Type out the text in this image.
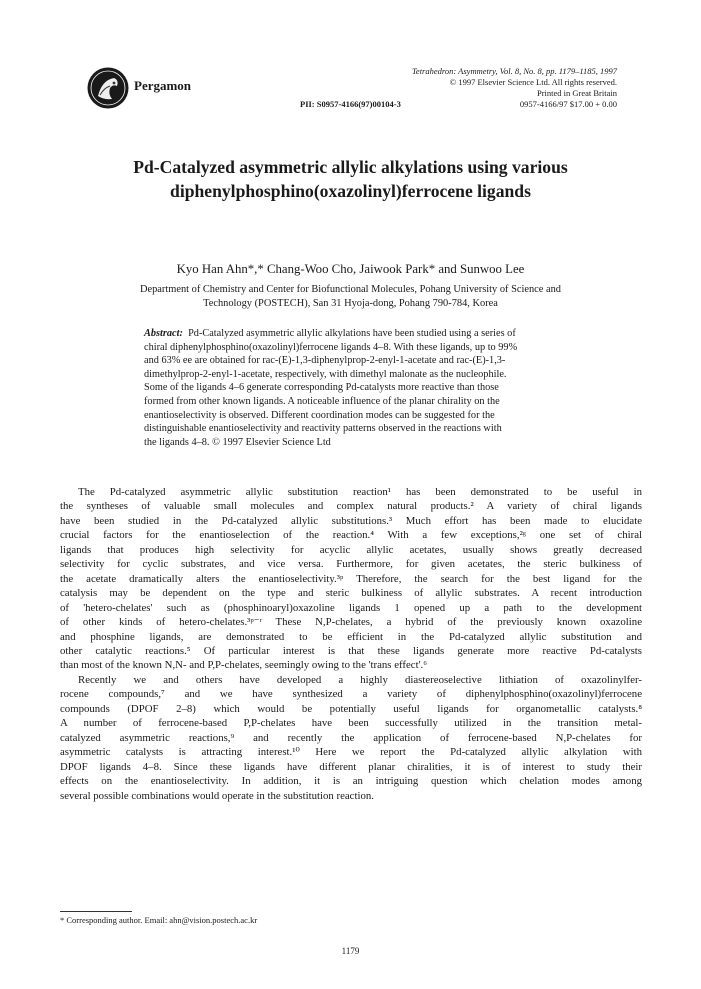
Pergamon
Tetrahedron: Asymmetry, Vol. 8, No. 8, pp. 1179–1185, 1997
© 1997 Elsevier Science Ltd. All rights reserved.
Printed in Great Britain
0957-4166/97 $17.00 + 0.00
PII: S0957-4166(97)00104-3
Pd-Catalyzed asymmetric allylic alkylations using various
diphenylphosphino(oxazolinyl)ferrocene ligands
Kyo Han Ahn*,* Chang-Woo Cho, Jaiwook Park* and Sunwoo Lee
Department of Chemistry and Center for Biofunctional Molecules, Pohang University of Science and
Technology (POSTECH), San 31 Hyoja-dong, Pohang 790-784, Korea
Abstract: Pd-Catalyzed asymmetric allylic alkylations have been studied using a series of
chiral diphenylphosphino(oxazolinyl)ferrocene ligands 4–8. With these ligands, up to 99%
and 63% ee are obtained for rac-(E)-1,3-diphenylprop-2-enyl-1-acetate and rac-(E)-1,3-
dimethylprop-2-enyl-1-acetate, respectively, with dimethyl malonate as the nucleophile.
Some of the ligands 4–6 generate corresponding Pd-catalysts more reactive than those
formed from other known ligands. A noticeable influence of the planar chirality on the
enantioselectivity is observed. Different coordination modes can be suggested for the
distinguishable enantioselectivity and reactivity patterns observed in the reactions with
the ligands 4–8. © 1997 Elsevier Science Ltd
The Pd-catalyzed asymmetric allylic substitution reaction¹ has been demonstrated to be useful in
the syntheses of valuable small molecules and complex natural products.² A variety of chiral ligands
have been studied in the Pd-catalyzed allylic substitutions.³ Much effort has been made to elucidate
crucial factors for the enantioselection of the reaction.⁴ With a few exceptions,²ᵍ one set of chiral
ligands that produces high selectivity for acyclic allylic acetates, usually shows greatly decreased
selectivity for cyclic substrates, and vice versa. Furthermore, for given acetates, the steric bulkiness of
the acetate dramatically alters the enantioselectivity.³ᵖ Therefore, the search for the best ligand for the
catalysis may be dependent on the type and steric bulkiness of allylic substrates. A recent introduction
of 'hetero-chelates' such as (phosphinoaryl)oxazoline ligands 1 opened up a path to the development
of other kinds of hetero-chelates.³ᵖ⁻ʳ These N,P-chelates, a hybrid of the previously known oxazoline
and phosphine ligands, are demonstrated to be efficient in the Pd-catalyzed allylic substitution and
other catalytic reactions.⁵ Of particular interest is that these ligands generate more reactive Pd-catalysts
than most of the known N,N- and P,P-chelates, seemingly owing to the 'trans effect'.⁶
Recently we and others have developed a highly diastereoselective lithiation of oxazolinylfer-
rocene compounds,⁷ and we have synthesized a variety of diphenylphosphino(oxazolinyl)ferrocene
compounds (DPOF 2–8) which would be potentially useful ligands for organometallic catalysts.⁸
A number of ferrocene-based P,P-chelates have been successfully utilized in the transition metal-
catalyzed asymmetric reactions,⁹ and recently the application of ferrocene-based N,P-chelates for
asymmetric catalysts is attracting interest.¹⁰ Here we report the Pd-catalyzed allylic alkylation with
DPOF ligands 4–8. Since these ligands have different planar chiralities, it is of interest to study their
effects on the enantioselectivity. In addition, it is an intriguing question which chelation modes among
several possible combinations would operate in the substitution reaction.
* Corresponding author. Email: ahn@vision.postech.ac.kr
1179
